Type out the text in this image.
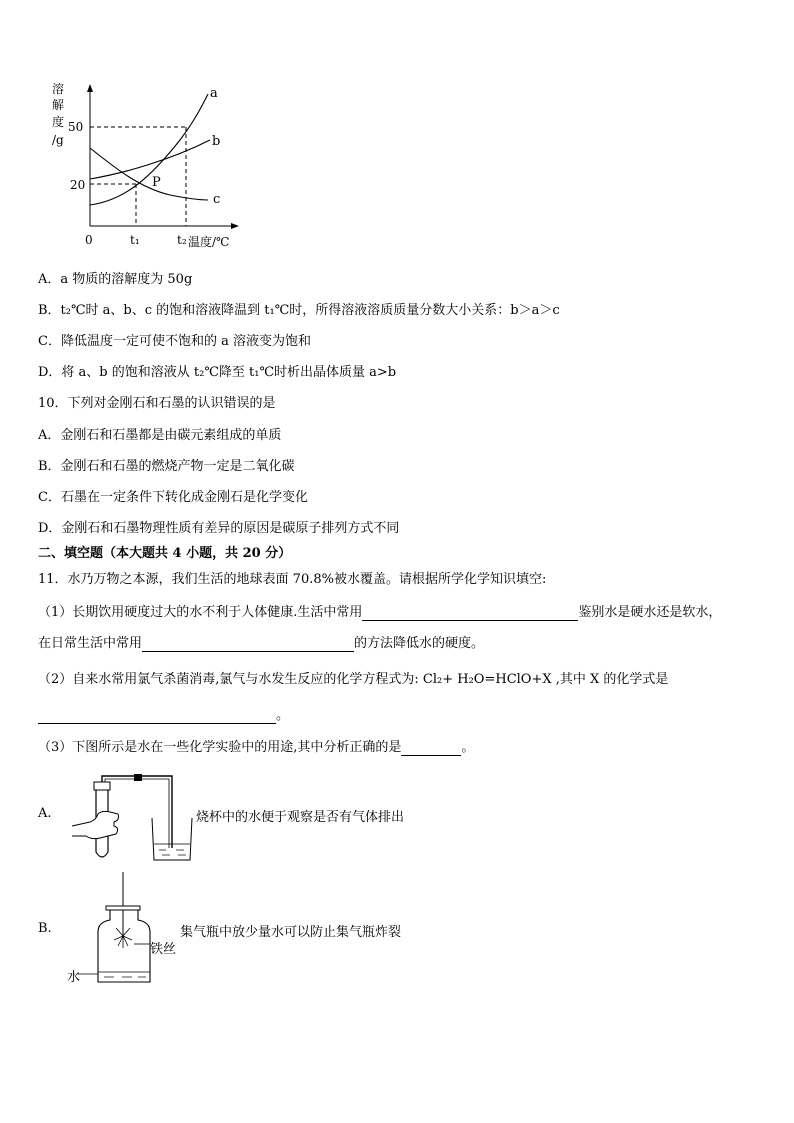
溶
解
度
/g
50
20
0	t₁	t₂ 温度/℃
a
b
c
P
A．a 物质的溶解度为 50g
B．t₂℃时 a、b、c 的饱和溶液降温到 t₁℃时，所得溶液溶质质量分数大小关系：b＞a＞c
C．降低温度一定可使不饱和的 a 溶液变为饱和
D．将 a、b 的饱和溶液从 t₂℃降至 t₁℃时析出晶体质量 a>b
10．下列对金刚石和石墨的认识错误的是
A．金刚石和石墨都是由碳元素组成的单质
B．金刚石和石墨的燃烧产物一定是二氧化碳
C．石墨在一定条件下转化成金刚石是化学变化
D．金刚石和石墨物理性质有差异的原因是碳原子排列方式不同
二、填空题（本大题共 4 小题，共 20 分）
11．水乃万物之本源，我们生活的地球表面 70.8%被水覆盖。请根据所学化学知识填空:
（1）长期饮用硬度过大的水不利于人体健康.生活中常用	鉴别水是硬水还是软水，
在日常生活中常用	的方法降低水的硬度。
（2）自来水常用氯气杀菌消毒,氯气与水发生反应的化学方程式为: Cl₂+ H₂O=HClO+X ,其中 X 的化学式是
。
（3）下图所示是水在一些化学实验中的用途,其中分析正确的是	。
A.	烧杯中的水便于观察是否有气体排出
B.
铁丝
水
集气瓶中放少量水可以防止集气瓶炸裂
